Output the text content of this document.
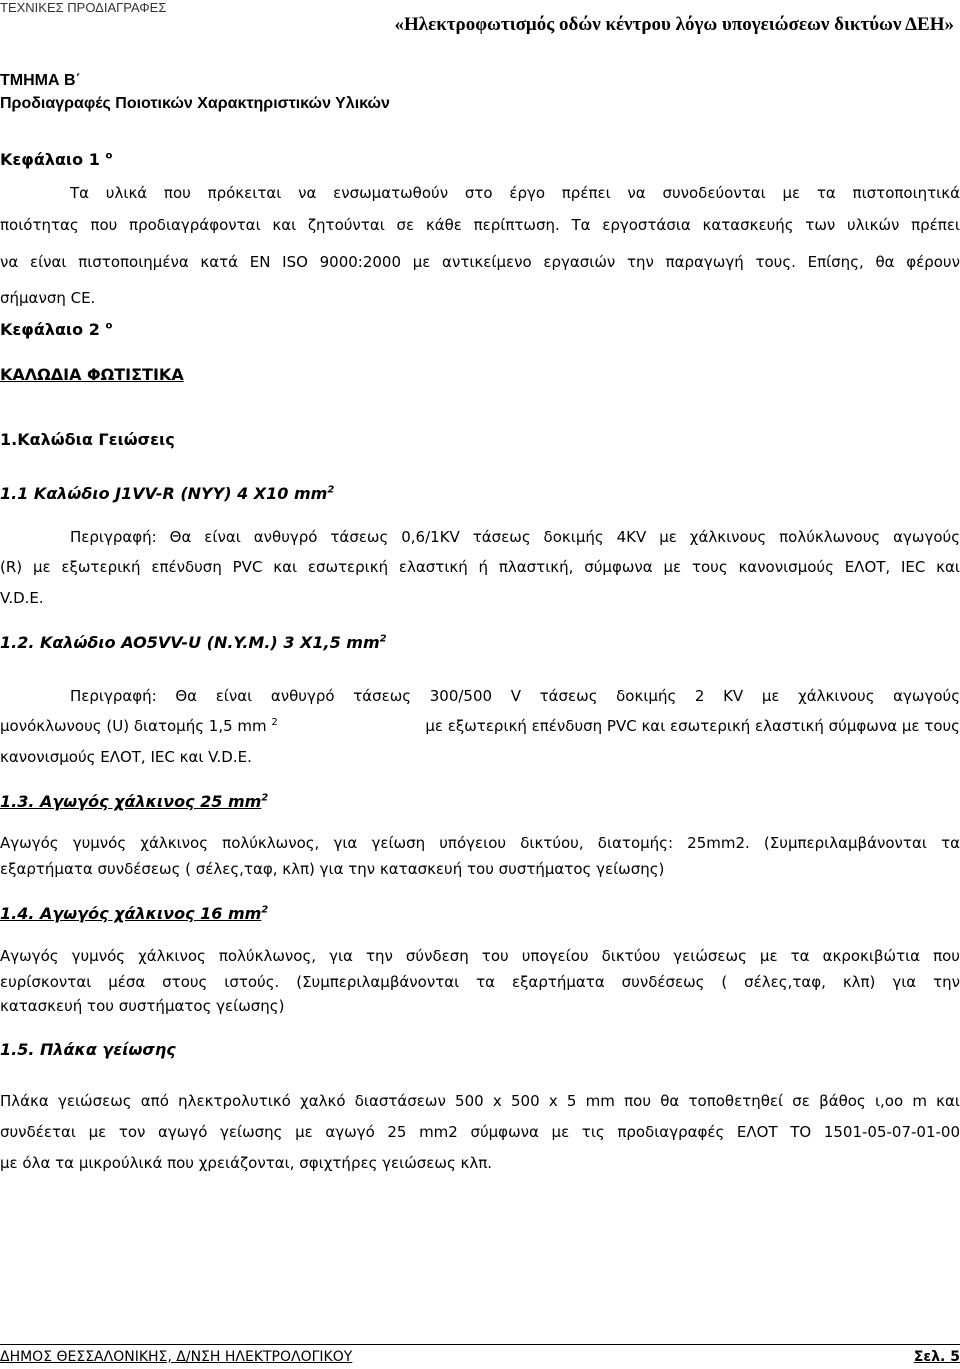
ΤΕΧΝΙΚΕΣ ΠΡΟΔΙΑΓΡΑΦΕΣ
«Ηλεκτροφωτισμός οδών κέντρου λόγω υπογειώσεων δικτύων ΔΕΗ»
ΤΜΗΜΑ Β΄
Προδιαγραφές Ποιοτικών Χαρακτηριστικών Υλικών
Κεφάλαιο 1 $^o$
Τα υλικά που πρόκειται να ενσωματωθούν στο έργο πρέπει να συνοδεύονται με τα πιστοποιητικά
ποιότητας που προδιαγράφονται και ζητούνται σε κάθε περίπτωση. Τα εργοστάσια κατασκευής των υλικών πρέπει
να είναι πιστοποιημένα κατά EN ISO 9000:2000 με αντικείμενο εργασιών την παραγωγή τους. Επίσης, θα φέρουν
σήμανση CE.
Κεφάλαιο 2 $^o$
ΚΑΛΩΔΙΑ ΦΩΤΙΣΤΙΚΑ
1.Καλώδια Γειώσεις
1.1 Καλώδιο J1VV-R (NYY) 4 X10 $mm^2$
Περιγραφή: Θα είναι ανθυγρό τάσεως 0,6/1KV τάσεως δοκιμής 4KV με χάλκινους πολύκλωνους αγωγούς
(R) με εξωτερική επένδυση PVC και εσωτερική ελαστική ή πλαστική, σύμφωνα με τους κανονισμούς ΕΛΟΤ, IEC και
V.D.E.
1.2. Καλώδιο AO5VV-U (N.Y.M.) 3 X1,5 $mm^2$
Περιγραφή: Θα είναι ανθυγρό τάσεως 300/500 V τάσεως δοκιμής 2 KV με χάλκινους αγωγούς
μονόκλωνους (U) διατομής 1,5 mm $^2$	με εξωτερική επένδυση PVC και εσωτερική ελαστική σύμφωνα με τους
κανονισμούς ΕΛΟΤ, IEC και V.D.E.
1.3. Αγωγός χάλκινος 25 $mm^2$
Αγωγός γυμνός χάλκινος πολύκλωνος, για γείωση υπόγειου δικτύου, διατομής: 25mm2. (Συμπεριλαμβάνονται τα
εξαρτήματα συνδέσεως ( σέλες,ταφ, κλπ) για την κατασκευή του συστήματος γείωσης)
1.4. Αγωγός χάλκινος 16 $mm^2$
Αγωγός γυμνός χάλκινος πολύκλωνος, για την σύνδεση του υπογείου δικτύου γειώσεως με τα ακροκιβώτια που
ευρίσκονται μέσα στους ιστούς. (Συμπεριλαμβάνονται τα εξαρτήματα συνδέσεως ( σέλες,ταφ, κλπ) για την
κατασκευή του συστήματος γείωσης)
1.5. Πλάκα γείωσης
Πλάκα γειώσεως από ηλεκτρολυτικό χαλκό διαστάσεων 500 x 500 x 5 mm που θα τοποθετηθεί σε βάθος ι,οο m και
συνδέεται με τον αγωγό γείωσης με αγωγό 25 mm2 σύμφωνα με τις προδιαγραφές ΕΛΟΤ ΤΟ 1501-05-07-01-00
με όλα τα μικρούλικά που χρειάζονται, σφιχτήρες γειώσεως κλπ.
ΔΗΜΟΣ ΘΕΣΣΑΛΟΝΙΚΗΣ, Δ/ΝΣΗ ΗΛΕΚΤΡΟΛΟΓΙΚΟΥ	Σελ. 5
